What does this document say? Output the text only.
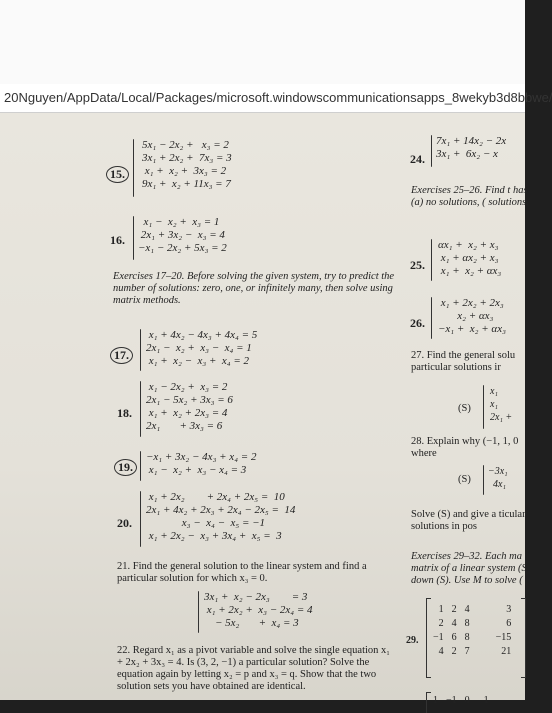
20Nguyen/AppData/Local/Packages/microsoft.windowscommunicationsapps_8wekyb3d8bbwe/
15.
5x₁ − 2x₂ +   x₃ = 2
3x₁ + 2x₂ +  7x₃ = 3
x₁ +  x₂ +  3x₃ = 2
9x₁ +  x₂ + 11x₃ = 7
16.
x₁ −  x₂ +  x₃ = 1
2x₁ + 3x₂ −  x₃ = 4
−x₁ − 2x₂ + 5x₃ = 2
Exercises 17–20. Before solving the given system, try to predict the number of solutions: zero, one, or infinitely many, then solve using matrix methods.
17.
x₁ + 4x₂ − 4x₃ + 4x₄ = 5
2x₁ −  x₂ +  x₃ −  x₄ = 1
x₁ +  x₂ −  x₃ +  x₄ = 2
18.
x₁ − 2x₂ +  x₃ = 2
2x₁ − 5x₂ + 3x₃ = 6
x₁ +  x₂ + 2x₃ = 4
2x₁       + 3x₃ = 6
19.
−x₁ + 3x₂ − 4x₃ + x₄ = 2
x₁ −  x₂ +  x₃ − x₄ = 3
20.
x₁ + 2x₂        + 2x₄ + 2x₅ =  10
2x₁ + 4x₂ + 2x₃ + 2x₄ − 2x₅ =  14
x₃ −  x₄ −  x₅ = −1
x₁ + 2x₂ −  x₃ + 3x₄ +  x₅ =  3
21. Find the general solution to the linear system and find a particular solution for which x₃ = 0.
3x₁ +  x₂ − 2x₃        = 3
x₁ + 2x₂ +  x₃ − 2x₄ = 4
− 5x₂       +  x₄ = 3
22. Regard x₁ as a pivot variable and solve the single equation x₁ + 2x₂ + 3x₃ = 4. Is (3, 2, −1) a particular solution? Solve the equation again by letting x₂ = p and x₃ = q. Show that the two solution sets you have obtained are identical.
24.
7x₁ + 14x₂ − 2x
3x₁ +  6x₂ − x
Exercises 25–26. Find t has (a) no solutions, ( solutions.
25.
αx₁ +  x₂ + x₃
x₁ + αx₂ + x₃
x₁ +  x₂ + αx₃
26.
x₁ + 2x₂ + 2x₃
x₂ + αx₃
−x₁ +  x₂ + αx₃
27. Find the general solu particular solutions ir
(S)
x₁
x₁
2x₁ +
28. Explain why (−1, 1, 0 where
(S)
−3x₁
4x₁
Solve (S) and give a ticular solutions in pos
Exercises 29–32. Each ma matrix of a linear system (S down (S). Use M to solve (
29.
1	2	4		3
2	4	8		6
−1	6	8		−15
4	2	7		21
1	−1	0	1
